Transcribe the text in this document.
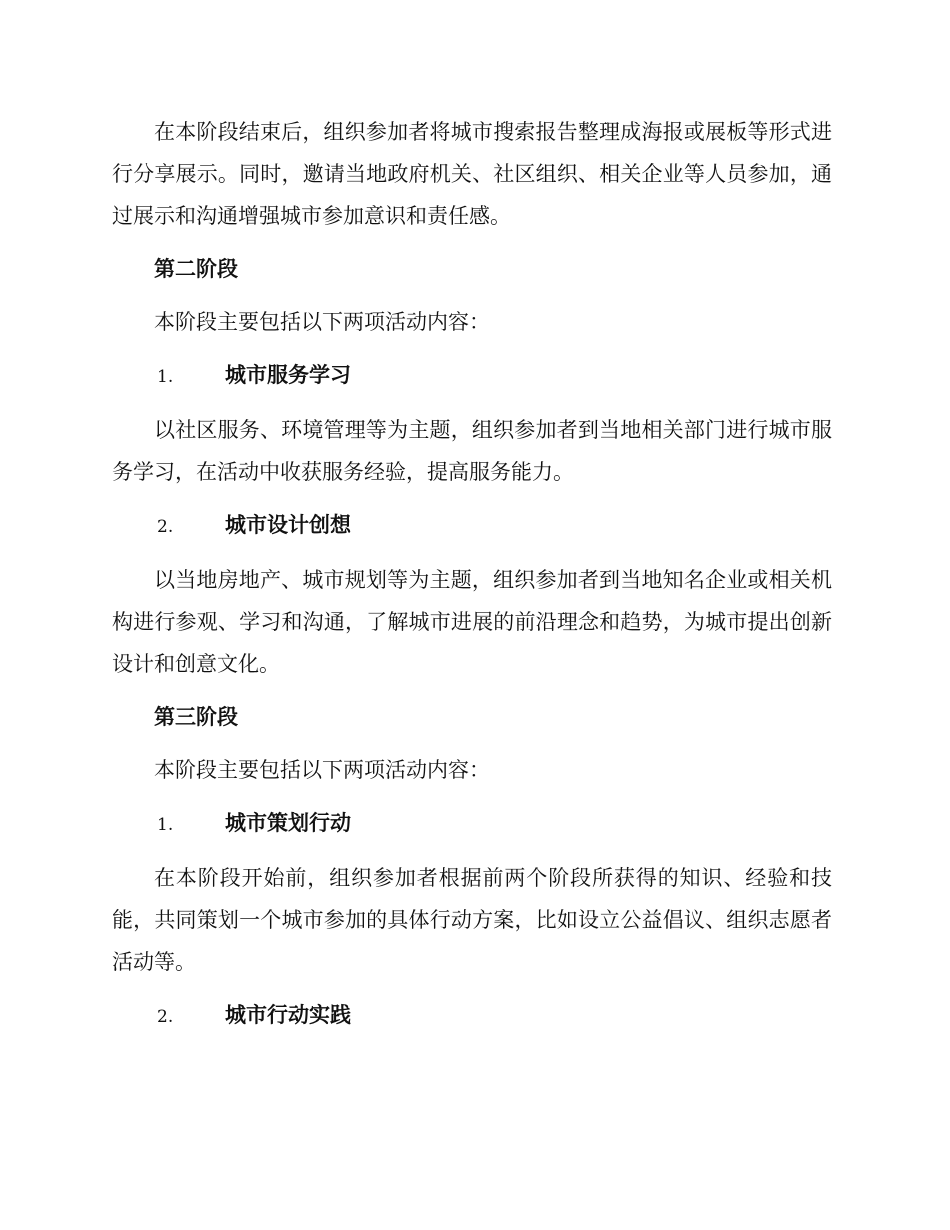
在本阶段结束后，组织参加者将城市搜索报告整理成海报或展板等形式进行分享展示。同时，邀请当地政府机关、社区组织、相关企业等人员参加，通过展示和沟通增强城市参加意识和责任感。

第二阶段

本阶段主要包括以下两项活动内容：

1.	城市服务学习

以社区服务、环境管理等为主题，组织参加者到当地相关部门进行城市服务学习，在活动中收获服务经验，提高服务能力。

2.	城市设计创想

以当地房地产、城市规划等为主题，组织参加者到当地知名企业或相关机构进行参观、学习和沟通，了解城市进展的前沿理念和趋势，为城市提出创新设计和创意文化。

第三阶段

本阶段主要包括以下两项活动内容：

1.	城市策划行动

在本阶段开始前，组织参加者根据前两个阶段所获得的知识、经验和技能，共同策划一个城市参加的具体行动方案，比如设立公益倡议、组织志愿者活动等。

2.	城市行动实践
